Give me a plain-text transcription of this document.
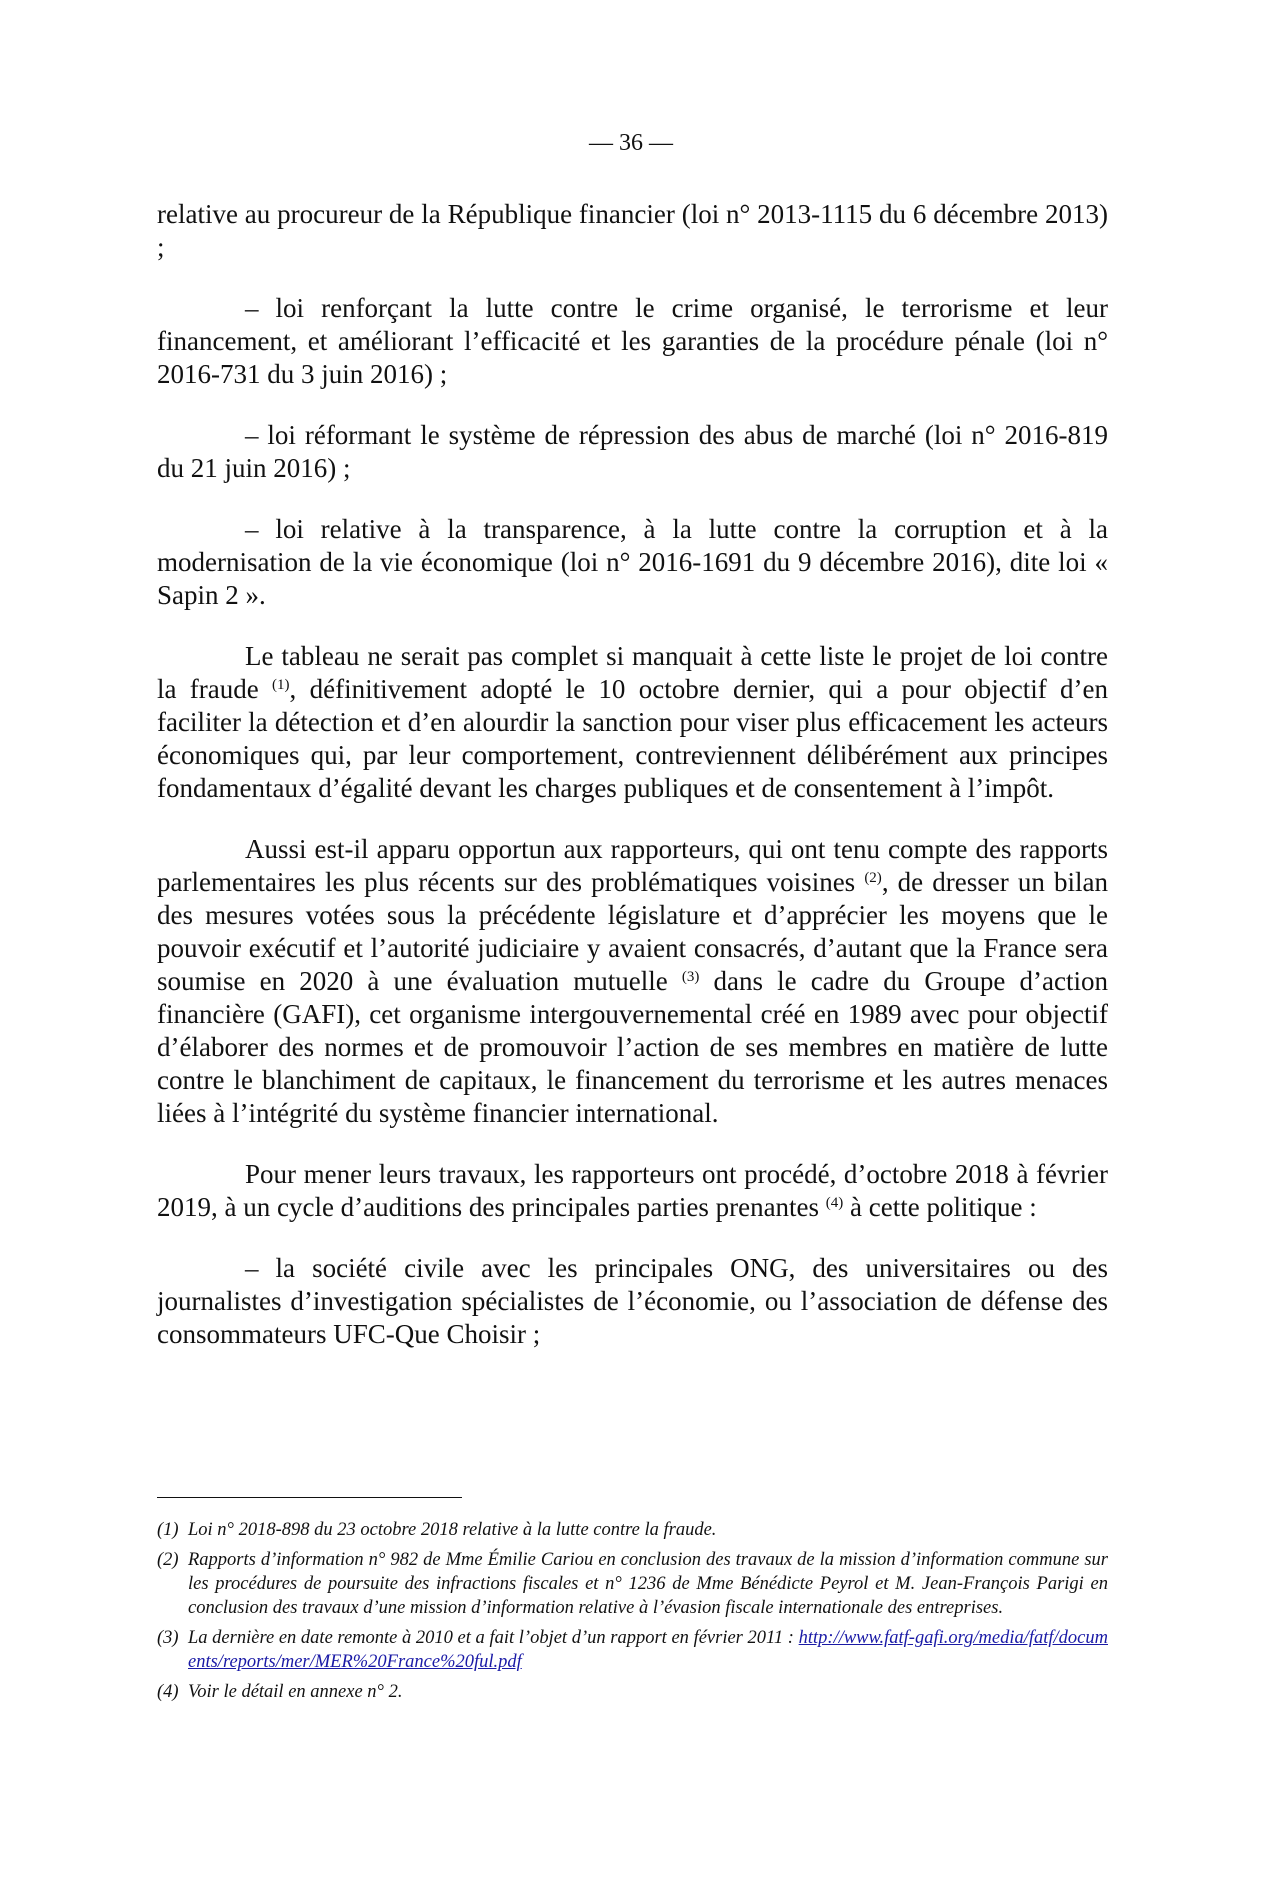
— 36 —

relative au procureur de la République financier (loi n° 2013-1115 du 6 décembre 2013) ;

– loi renforçant la lutte contre le crime organisé, le terrorisme et leur financement, et améliorant l’efficacité et les garanties de la procédure pénale (loi n° 2016-731 du 3 juin 2016) ;

– loi réformant le système de répression des abus de marché (loi n° 2016-819 du 21 juin 2016) ;

– loi relative à la transparence, à la lutte contre la corruption et à la modernisation de la vie économique (loi n° 2016-1691 du 9 décembre 2016), dite loi « Sapin 2 ».

Le tableau ne serait pas complet si manquait à cette liste le projet de loi contre la fraude $^{(1)}$, définitivement adopté le 10 octobre dernier, qui a pour objectif d’en faciliter la détection et d’en alourdir la sanction pour viser plus efficacement les acteurs économiques qui, par leur comportement, contreviennent délibérément aux principes fondamentaux d’égalité devant les charges publiques et de consentement à l’impôt.

Aussi est-il apparu opportun aux rapporteurs, qui ont tenu compte des rapports parlementaires les plus récents sur des problématiques voisines $^{(2)}$, de dresser un bilan des mesures votées sous la précédente législature et d’apprécier les moyens que le pouvoir exécutif et l’autorité judiciaire y avaient consacrés, d’autant que la France sera soumise en 2020 à une évaluation mutuelle $^{(3)}$ dans le cadre du Groupe d’action financière (GAFI), cet organisme intergouvernemental créé en 1989 avec pour objectif d’élaborer des normes et de promouvoir l’action de ses membres en matière de lutte contre le blanchiment de capitaux, le financement du terrorisme et les autres menaces liées à l’intégrité du système financier international.

Pour mener leurs travaux, les rapporteurs ont procédé, d’octobre 2018 à février 2019, à un cycle d’auditions des principales parties prenantes $^{(4)}$ à cette politique :

– la société civile avec les principales ONG, des universitaires ou des journalistes d’investigation spécialistes de l’économie, ou l’association de défense des consommateurs UFC-Que Choisir ;

(1) Loi n° 2018-898 du 23 octobre 2018 relative à la lutte contre la fraude.
(2) Rapports d’information n° 982 de Mme Émilie Cariou en conclusion des travaux de la mission d’information commune sur les procédures de poursuite des infractions fiscales et n° 1236 de Mme Bénédicte Peyrol et M. Jean-François Parigi en conclusion des travaux d’une mission d’information relative à l’évasion fiscale internationale des entreprises.
(3) La dernière en date remonte à 2010 et a fait l’objet d’un rapport en février 2011 : http://www.fatf-gafi.org/media/fatf/documents/reports/mer/MER%20France%20ful.pdf
(4) Voir le détail en annexe n° 2.
